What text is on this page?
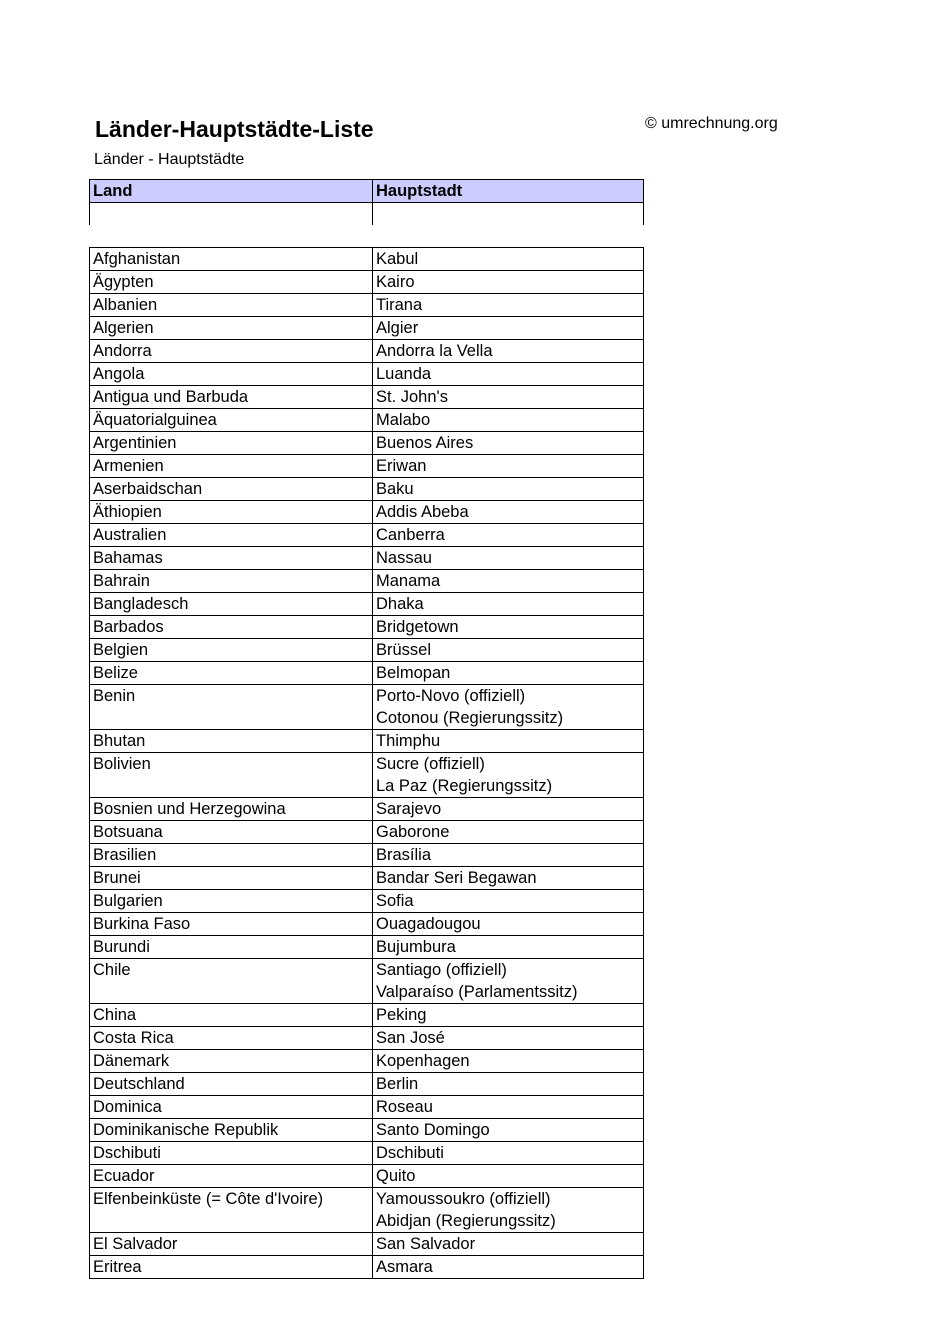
Länder-Hauptstädte-Liste	© umrechnung.org
Länder - Hauptstädte
Land	Hauptstadt

Afghanistan	Kabul

Ägypten	Kairo

Albanien	Tirana

Algerien	Algier

Andorra	Andorra la Vella

Angola	Luanda

Antigua und Barbuda	St. John's

Äquatorialguinea	Malabo

Argentinien	Buenos Aires

Armenien	Eriwan

Aserbaidschan	Baku

Äthiopien	Addis Abeba

Australien	Canberra

Bahamas	Nassau

Bahrain	Manama

Bangladesch	Dhaka

Barbados	Bridgetown

Belgien	Brüssel

Belize	Belmopan

Benin	Porto-Novo (offiziell)
Cotonou (Regierungssitz)

Bhutan	Thimphu

Bolivien	Sucre (offiziell)
La Paz (Regierungssitz)

Bosnien und Herzegowina	Sarajevo

Botsuana	Gaborone

Brasilien	Brasília

Brunei	Bandar Seri Begawan

Bulgarien	Sofia

Burkina Faso	Ouagadougou

Burundi	Bujumbura

Chile	Santiago (offiziell)
Valparaíso (Parlamentssitz)

China	Peking

Costa Rica	San José

Dänemark	Kopenhagen

Deutschland	Berlin

Dominica	Roseau

Dominikanische Republik	Santo Domingo

Dschibuti	Dschibuti

Ecuador	Quito

Elfenbeinküste (= Côte d'Ivoire)	Yamoussoukro (offiziell)
Abidjan (Regierungssitz)

El Salvador	San Salvador

Eritrea	Asmara
